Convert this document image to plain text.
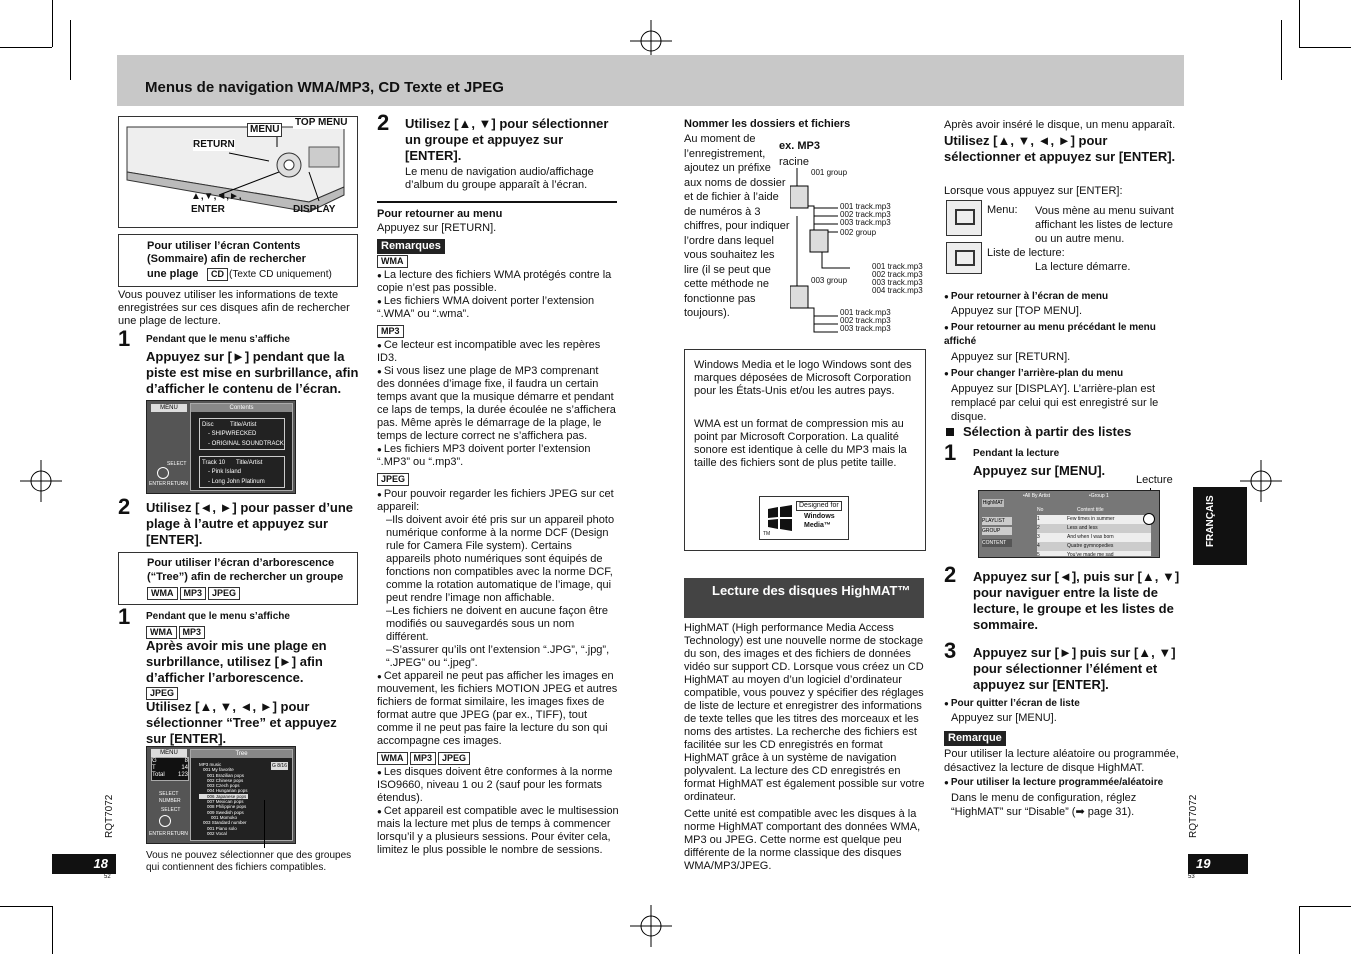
Menus de navigation WMA/MP3, CD Texte et JPEG
MENU
TOP MENU
RETURN
▲,▼,◄,►,
ENTER	DISPLAY
Pour utiliser l’écran Contents
(Sommaire) afin de rechercher
une plage	CD (Texte CD uniquement)
Vous pouvez utiliser les informations de texte enregistrées sur ces disques afin de rechercher une plage de lecture.
1 Pendant que le menu s’affiche
Appuyez sur [►] pendant que la piste est mise en surbrillance, afin d’afficher le contenu de l’écran.
MENU	Contents
Disc	Title/Artist
- SHIPWRECKED
- ORIGINAL SOUNDTRACK
Track 10 Title/Artist
- Pink Island
- Long John Platinum
SELECT
ENTER RETURN
2 Utilisez [◄, ►] pour passer d’une plage à l’autre et appuyez sur [ENTER].
Pour utiliser l’écran d’arborescence
(“Tree”) afin de rechercher un groupe
WMA MP3 JPEG
1 Pendant que le menu s’affiche
WMA MP3
Après avoir mis une plage en surbrillance, utilisez [►] afin d’afficher l’arborescence.
JPEG
Utilisez [▲, ▼, ◄, ►] pour sélectionner “Tree” et appuyez sur [ENTER].
MENU
G	8
T	14
Total 123
SELECT
NUMBER
SELECT
ENTER RETURN
Tree
G 8/16
MP3 music
001 My favorite
001 Brazilian pops
002 Chinese pops
003 Czech pops
004 Hungarian pops
006 Japanese pops
007 Mexican pops
008 Philippine pops
009 Swedish pops
001 Momoko
003 Standard number
001 Piano solo
002 Vocal
Vous ne pouvez sélectionner que des groupes qui contiennent des fichiers compatibles.
RQT7072
18
52
2 Utilisez [▲, ▼] pour sélectionner un groupe et appuyez sur [ENTER].
Le menu de navigation audio/affichage d’album du groupe apparaît à l’écran.
Pour retourner au menu
Appuyez sur [RETURN].
Remarques
WMA
● La lecture des fichiers WMA protégés contre la copie n’est pas possible.
● Les fichiers WMA doivent porter l’extension “.WMA” ou “.wma”.
MP3
● Ce lecteur est incompatible avec les repères ID3.
● Si vous lisez une plage de MP3 comprenant des données d’image fixe, il faudra un certain temps avant que la musique démarre et pendant ce laps de temps, la durée écoulée ne s’affichera pas. Même après le démarrage de la plage, le temps de lecture correct ne s’affichera pas.
● Les fichiers MP3 doivent porter l’extension “.MP3” ou “.mp3”.
JPEG
● Pour pouvoir regarder les fichiers JPEG sur cet appareil:
–Ils doivent avoir été pris sur un appareil photo numérique conforme à la norme DCF (Design rule for Camera File system). Certains appareils photo numériques sont équipés de fonctions non compatibles avec la norme DCF, comme la rotation automatique de l’image, qui peut rendre l’image non affichable.
–Les fichiers ne doivent en aucune façon être modifiés ou sauvegardés sous un nom différent.
–S’assurer qu’ils ont l’extension “.JPG”, “.jpg”, “.JPEG” ou “.jpeg”.
● Cet appareil ne peut pas afficher les images en mouvement, les fichiers MOTION JPEG et autres fichiers de format similaire, les images fixes de format autre que JPEG (par ex., TIFF), tout comme il ne peut pas faire la lecture du son qui accompagne ces images.
WMA MP3 JPEG
● Les disques doivent être conformes à la norme ISO9660, niveau 1 ou 2 (sauf pour les formats étendus).
● Cet appareil est compatible avec le multisession mais la lecture met plus de temps à commencer lorsqu’il y a plusieurs sessions. Pour éviter cela, limitez le plus possible le nombre de sessions.
Nommer les dossiers et fichiers
Au moment de l’enregistrement, ajoutez un préfixe aux noms de dossier et de fichier à l’aide de numéros à 3 chiffres, pour indiquer l’ordre dans lequel vous souhaitez les lire (il se peut que cette méthode ne fonctionne pas toujours).
ex. MP3
racine
001 group
001 track.mp3
002 track.mp3
003 track.mp3
002 group
001 track.mp3
002 track.mp3
003 track.mp3
004 track.mp3
003 group
001 track.mp3
002 track.mp3
003 track.mp3
Windows Media et le logo Windows sont des marques déposées de Microsoft Corporation pour les États-Unis et/ou les autres pays.
WMA est un format de compression mis au point par Microsoft Corporation. La qualité sonore est identique à celle du MP3 mais la taille des fichiers sont de plus petite taille.
Designed for
Windows
Media™
TM
Lecture des disques HighMAT™
HighMAT (High performance Media Access Technology) est une nouvelle norme de stockage du son, des images et des fichiers de données vidéo sur support CD. Lorsque vous créez un CD HighMAT au moyen d’un logiciel d’ordinateur compatible, vous pouvez y spécifier des réglages de liste de lecture et enregistrer des informations de texte telles que les titres des morceaux et les noms des artistes. La recherche des fichiers est facilitée sur les CD enregistrés en format HighMAT grâce à un système de navigation polyvalent. La lecture des CD enregistrés en format HighMAT est également possible sur votre ordinateur.
Cette unité est compatible avec les disques à la norme HighMAT comportant des données WMA, MP3 ou JPEG. Cette norme est quelque peu différente de la norme classique des disques WMA/MP3/JPEG.
Après avoir inséré le disque, un menu apparaît.
Utilisez [▲, ▼, ◄, ►] pour sélectionner et appuyez sur [ENTER].
Lorsque vous appuyez sur [ENTER]:
Menu: Vous mène au menu suivant affichant les listes de lecture ou un autre menu.
Liste de lecture:
La lecture démarre.
● Pour retourner à l’écran de menu
Appuyez sur [TOP MENU].
● Pour retourner au menu précédant le menu affiché
Appuyez sur [RETURN].
● Pour changer l’arrière-plan du menu
Appuyez sur [DISPLAY]. L’arrière-plan est remplacé par celui qui est enregistré sur le disque.
Sélection à partir des listes
1 Pendant la lecture
Appuyez sur [MENU].
Lecture
HighMAT
PLAYLIST
GROUP
CONTENT
•All By Artist	•Group 1
No	Content title
1	Few times in summer
2	Less and less
3	And when I was born
4	Quatre gymnopedies
5	You’ve made me sad
2 Appuyez sur [◄], puis sur [▲, ▼] pour naviguer entre la liste de lecture, le groupe et les listes de sommaire.
3 Appuyez sur [►] puis sur [▲, ▼] pour sélectionner l’élément et appuyez sur [ENTER].
● Pour quitter l’écran de liste
Appuyez sur [MENU].
Remarque
Pour utiliser la lecture aléatoire ou programmée, désactivez la lecture de disque HighMAT.
● Pour utiliser la lecture programmée/aléatoire
Dans le menu de configuration, réglez “HighMAT” sur “Disable” (➡ page 31).
FRANÇAIS
RQT7072
19
53
